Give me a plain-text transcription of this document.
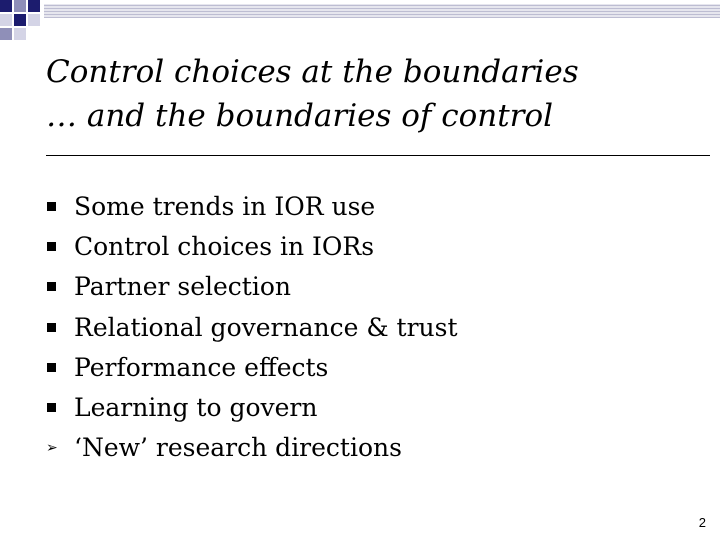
Control choices at the boundaries
… and the boundaries of control
Some trends in IOR use
Control choices in IORs
Partner selection
Relational governance & trust
Performance effects
Learning to govern
➢ ‘New’ research directions
2
